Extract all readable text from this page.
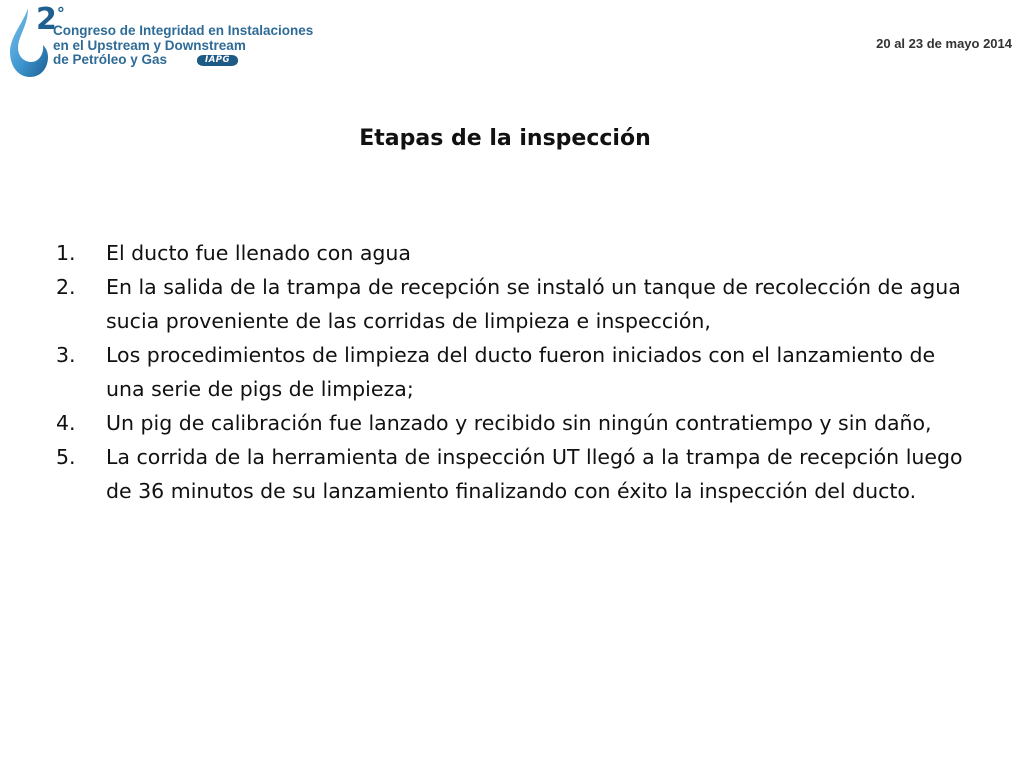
2°
Congreso de Integridad en Instalaciones
en el Upstream y Downstream
de Petróleo y Gas	IAPG
20 al 23 de mayo 2014
Etapas de la inspección
1.	El ducto fue llenado con agua
2.	En la salida de la trampa de recepción se instaló un tanque de recolección de agua sucia proveniente de las corridas de limpieza e inspección,
3.	Los procedimientos de limpieza del ducto fueron iniciados con el lanzamiento de una serie de pigs de limpieza;
4.	Un pig de calibración fue lanzado y recibido sin ningún contratiempo y sin daño,
5.	La corrida de la herramienta de inspección UT llegó a la trampa de recepción luego de 36 minutos de su lanzamiento finalizando con éxito la inspección del ducto.
